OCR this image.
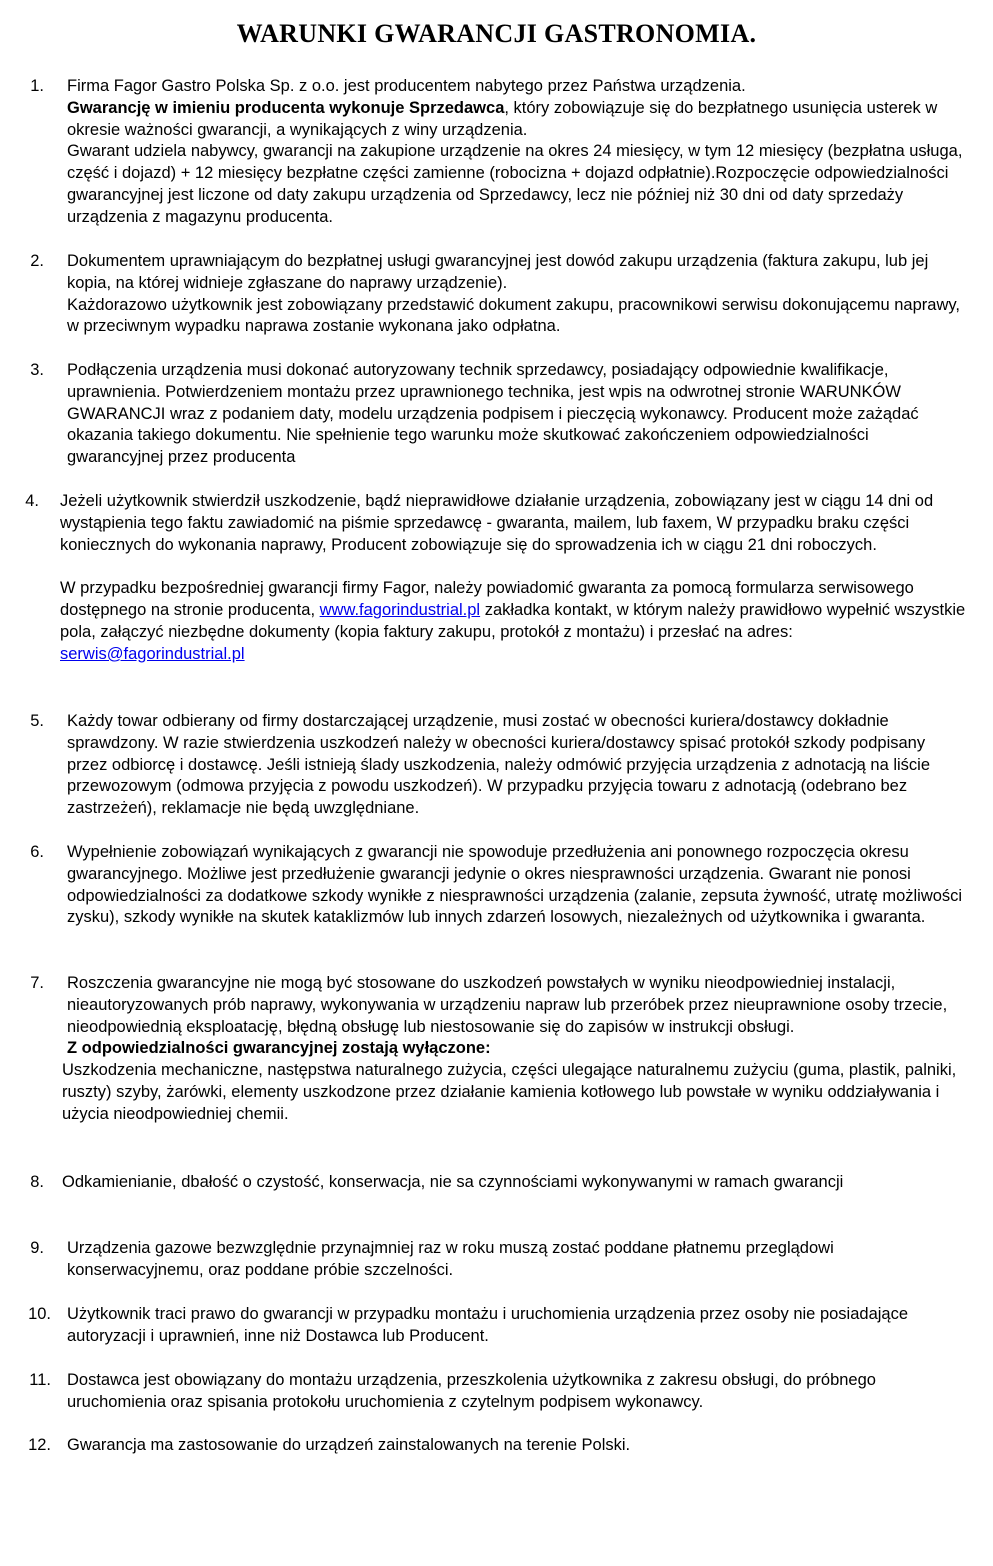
WARUNKI GWARANCJI GASTRONOMIA.
1. Firma Fagor Gastro Polska Sp. z o.o. jest producentem nabytego przez Państwa urządzenia.

Gwarancję w imieniu producenta wykonuje Sprzedawca, który zobowiązuje się do bezpłatnego usunięcia usterek w okresie ważności gwarancji, a wynikających z winy urządzenia.

Gwarant udziela nabywcy, gwarancji na zakupione urządzenie na okres 24 miesięcy, w tym 12 miesięcy (bezpłatna usługa, część i dojazd) + 12 miesięcy bezpłatne części zamienne (robocizna + dojazd odpłatnie).Rozpoczęcie odpowiedzialności gwarancyjnej jest liczone od daty zakupu urządzenia od Sprzedawcy, lecz nie później niż 30 dni od daty sprzedaży urządzenia z magazynu producenta.

2. Dokumentem uprawniającym do bezpłatnej usługi gwarancyjnej jest dowód zakupu urządzenia (faktura zakupu, lub jej kopia, na której widnieje zgłaszane do naprawy urządzenie).

Każdorazowo użytkownik jest zobowiązany przedstawić dokument zakupu, pracownikowi serwisu dokonującemu naprawy, w przeciwnym wypadku naprawa zostanie wykonana jako odpłatna.

3. Podłączenia urządzenia musi dokonać autoryzowany technik sprzedawcy, posiadający odpowiednie kwalifikacje, uprawnienia. Potwierdzeniem montażu przez uprawnionego technika, jest wpis na odwrotnej stronie WARUNKÓW GWARANCJI wraz z podaniem daty, modelu urządzenia podpisem i pieczęcią wykonawcy. Producent może zażądać okazania takiego dokumentu. Nie spełnienie tego warunku może skutkować zakończeniem odpowiedzialności gwarancyjnej przez producenta

4. Jeżeli użytkownik stwierdził uszkodzenie, bądź nieprawidłowe działanie urządzenia, zobowiązany jest w ciągu 14 dni od wystąpienia tego faktu zawiadomić na piśmie sprzedawcę - gwaranta, mailem, lub faxem, W przypadku braku części koniecznych do wykonania naprawy, Producent zobowiązuje się do sprowadzenia ich w ciągu 21 dni roboczych.

W przypadku bezpośredniej gwarancji firmy Fagor, należy powiadomić gwaranta za pomocą formularza serwisowego dostępnego na stronie producenta, www.fagorindustrial.pl zakładka kontakt, w którym należy prawidłowo wypełnić wszystkie pola, załączyć niezbędne dokumenty (kopia faktury zakupu, protokół z montażu) i przesłać na adres: serwis@fagorindustrial.pl

5. Każdy towar odbierany od firmy dostarczającej urządzenie, musi zostać w obecności kuriera/dostawcy dokładnie sprawdzony. W razie stwierdzenia uszkodzeń należy w obecności kuriera/dostawcy spisać protokół szkody podpisany przez odbiorcę i dostawcę. Jeśli istnieją ślady uszkodzenia, należy odmówić przyjęcia urządzenia z adnotacją na liście przewozowym (odmowa przyjęcia z powodu uszkodzeń). W przypadku przyjęcia towaru z adnotacją (odebrano bez zastrzeżeń), reklamacje nie będą uwzględniane.

6. Wypełnienie zobowiązań wynikających z gwarancji nie spowoduje przedłużenia ani ponownego rozpoczęcia okresu gwarancyjnego. Możliwe jest przedłużenie gwarancji jedynie o okres niesprawności urządzenia. Gwarant nie ponosi odpowiedzialności za dodatkowe szkody wynikłe z niesprawności urządzenia (zalanie, zepsuta żywność, utratę możliwości zysku), szkody wynikłe na skutek kataklizmów lub innych zdarzeń losowych, niezależnych od użytkownika i gwaranta.

7. Roszczenia gwarancyjne nie mogą być stosowane do uszkodzeń powstałych w wyniku nieodpowiedniej instalacji, nieautoryzowanych prób naprawy, wykonywania w urządzeniu napraw lub przeróbek przez nieuprawnione osoby trzecie, nieodpowiednią eksploatację, błędną obsługę lub niestosowanie się do zapisów w instrukcji obsługi.

Z odpowiedzialności gwarancyjnej zostają wyłączone:

Uszkodzenia mechaniczne, następstwa naturalnego zużycia, części ulegające naturalnemu zużyciu (guma, plastik, palniki, ruszty) szyby, żarówki, elementy uszkodzone przez działanie kamienia kotłowego lub powstałe w wyniku oddziaływania i użycia nieodpowiedniej chemii.

8. Odkamienianie, dbałość o czystość, konserwacja, nie sa czynnościami wykonywanymi w ramach gwarancji

9. Urządzenia gazowe bezwzględnie przynajmniej raz w roku muszą zostać poddane płatnemu przeglądowi konserwacyjnemu, oraz poddane próbie szczelności.

10. Użytkownik traci prawo do gwarancji w przypadku montażu i uruchomienia urządzenia przez osoby nie posiadające autoryzacji i uprawnień, inne niż Dostawca lub Producent.

11. Dostawca jest obowiązany do montażu urządzenia, przeszkolenia użytkownika z zakresu obsługi, do próbnego uruchomienia oraz spisania protokołu uruchomienia z czytelnym podpisem wykonawcy.

12. Gwarancja ma zastosowanie do urządzeń zainstalowanych na terenie Polski.
